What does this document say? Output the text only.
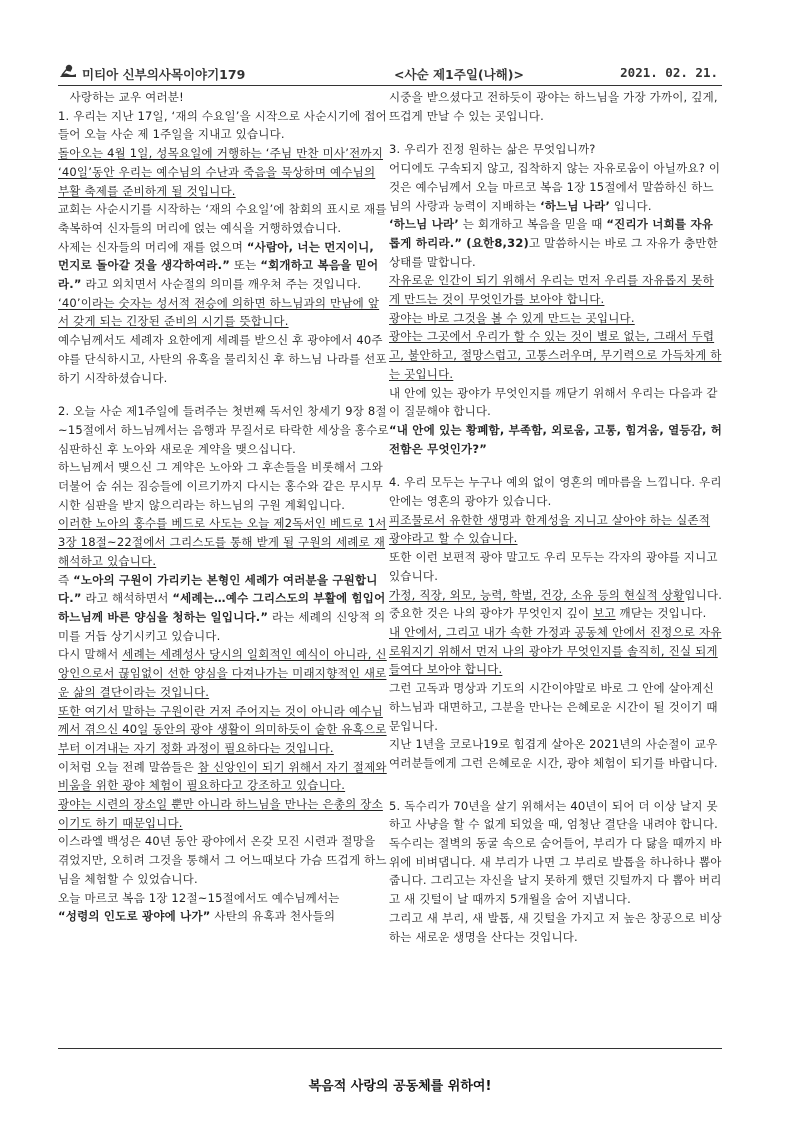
미티아 신부의사목이야기179	<사순 제1주일(나해)>	2021. 02. 21.

사랑하는 교우 여러분!

1. 우리는 지난 17일, ‘재의 수요일’을 시작으로 사순시기에 접어들어 오늘 사순 제 1주일을 지내고 있습니다.

돌아오는 4월 1일, 성목요일에 거행하는 ‘주님 만찬 미사’전까지 ‘40일’동안 우리는 예수님의 수난과 죽음을 묵상하며 예수님의 부활 축제를 준비하게 될 것입니다.

교회는 사순시기를 시작하는 ‘재의 수요일’에 참회의 표시로 재를 축복하여 신자들의 머리에 얹는 예식을 거행하였습니다.

사제는 신자들의 머리에 재를 얹으며 “사람아, 너는 먼지이니, 먼지로 돌아갈 것을 생각하여라.” 또는 “회개하고 복음을 믿어라.” 라고 외치면서 사순절의 의미를 깨우쳐 주는 것입니다.

‘40’이라는 숫자는 성서적 전승에 의하면 하느님과의 만남에 앞서 갖게 되는 긴장된 준비의 시기를 뜻합니다.

예수님께서도 세례자 요한에게 세례를 받으신 후 광야에서 40주야를 단식하시고, 사탄의 유혹을 물리치신 후 하느님 나라를 선포하기 시작하셨습니다.

2. 오늘 사순 제1주일에 들려주는 첫번째 독서인 창세기 9장 8절~15절에서 하느님께서는 음행과 무질서로 타락한 세상을 홍수로 심판하신 후 노아와 새로운 계약을 맺으십니다.

하느님께서 맺으신 그 계약은 노아와 그 후손들을 비롯해서 그와 더불어 숨 쉬는 짐승들에 이르기까지 다시는 홍수와 같은 무시무시한 심판을 받지 않으리라는 하느님의 구원 계획입니다.

이러한 노아의 홍수를 베드로 사도는 오늘 제2독서인 베드로 1서 3장 18절~22절에서 그리스도를 통해 받게 될 구원의 세례로 재해석하고 있습니다.

즉 “노아의 구원이 가리키는 본형인 세례가 여러분을 구원합니다.” 라고 해석하면서 “세례는…예수 그리스도의 부활에 힘입어 하느님께 바른 양심을 청하는 일입니다.” 라는 세례의 신앙적 의미를 거듭 상기시키고 있습니다.

다시 말해서 세례는 세례성사 당시의 일회적인 예식이 아니라, 신앙인으로서 끊임없이 선한 양심을 다져나가는 미래지향적인 새로운 삶의 결단이라는 것입니다.

또한 여기서 말하는 구원이란 거저 주어지는 것이 아니라 예수님께서 겪으신 40일 동안의 광야 생활이 의미하듯이 숱한 유혹으로부터 이겨내는 자기 정화 과정이 필요하다는 것입니다.

이처럼 오늘 전례 말씀들은 참 신앙인이 되기 위해서 자기 절제와 비움을 위한 광야 체험이 필요하다고 강조하고 있습니다.

광야는 시련의 장소일 뿐만 아니라 하느님을 만나는 은총의 장소이기도 하기 때문입니다.

이스라엘 백성은 40년 동안 광야에서 온갖 모진 시련과 절망을 겪었지만, 오히려 그것을 통해서 그 어느때보다 가슴 뜨겁게 하느님을 체험할 수 있었습니다.

오늘 마르코 복음 1장 12절~15절에서도 예수님께서는

“성령의 인도로 광야에 나가” 사탄의 유혹과 천사들의

시중을 받으셨다고 전하듯이 광야는 하느님을 가장 가까이, 깊게, 뜨겁게 만날 수 있는 곳입니다.

3. 우리가 진정 원하는 삶은 무엇입니까?

어디에도 구속되지 않고, 집착하지 않는 자유로움이 아닐까요? 이것은 예수님께서 오늘 마르코 복음 1장 15절에서 말씀하신 하느님의 사랑과 능력이 지배하는 ‘하느님 나라’ 입니다.

‘하느님 나라’ 는 회개하고 복음을 믿을 때 “진리가 너희를 자유롭게 하리라.” (요한8,32)고 말씀하시는 바로 그 자유가 충만한 상태를 말합니다.

자유로운 인간이 되기 위해서 우리는 먼저 우리를 자유롭지 못하게 만드는 것이 무엇인가를 보아야 합니다.

광야는 바로 그것을 볼 수 있게 만드는 곳입니다.

광야는 그곳에서 우리가 할 수 있는 것이 별로 없는, 그래서 두렵고, 불안하고, 절망스럽고, 고통스러우며, 무기력으로 가득차게 하는 곳입니다.

내 안에 있는 광야가 무엇인지를 깨닫기 위해서 우리는 다음과 같이 질문해야 합니다.

“내 안에 있는 황폐함, 부족함, 외로움, 고통, 힘겨움, 열등감, 허전함은 무엇인가?”

4. 우리 모두는 누구나 예외 없이 영혼의 메마름을 느낍니다. 우리 안에는 영혼의 광야가 있습니다.

피조물로서 유한한 생명과 한계성을 지니고 살아야 하는 실존적 광야라고 할 수 있습니다.

또한 이런 보편적 광야 말고도 우리 모두는 각자의 광야를 지니고 있습니다.

가정, 직장, 외모, 능력, 학벌, 건강, 소유 등의 현실적 상황입니다.

중요한 것은 나의 광야가 무엇인지 깊이 보고 깨닫는 것입니다.

내 안에서, 그리고 내가 속한 가정과 공동체 안에서 진정으로 자유로워지기 위해서 먼저 나의 광야가 무엇인지를 솔직히, 진실 되게 들여다 보아야 합니다.

그런 고독과 명상과 기도의 시간이야말로 바로 그 안에 살아계신 하느님과 대면하고, 그분을 만나는 은혜로운 시간이 될 것이기 때문입니다.

지난 1년을 코로나19로 힘겹게 살아온 2021년의 사순절이 교우 여러분들에게 그런 은혜로운 시간, 광야 체험이 되기를 바랍니다.

5. 독수리가 70년을 살기 위해서는 40년이 되어 더 이상 날지 못하고 사냥을 할 수 없게 되었을 때, 엄청난 결단을 내려야 합니다.

독수리는 절벽의 동굴 속으로 숨어들어, 부리가 다 닳을 때까지 바위에 비벼댑니다. 새 부리가 나면 그 부리로 발톱을 하나하나 뽑아줍니다. 그리고는 자신을 날지 못하게 했던 깃털까지 다 뽑아 버리고 새 깃털이 날 때까지 5개월을 숨어 지냅니다.

그리고 새 부리, 새 발톱, 새 깃털을 가지고 저 높은 창공으로 비상하는 새로운 생명을 산다는 것입니다.

복음적 사랑의 공동체를 위하여!
